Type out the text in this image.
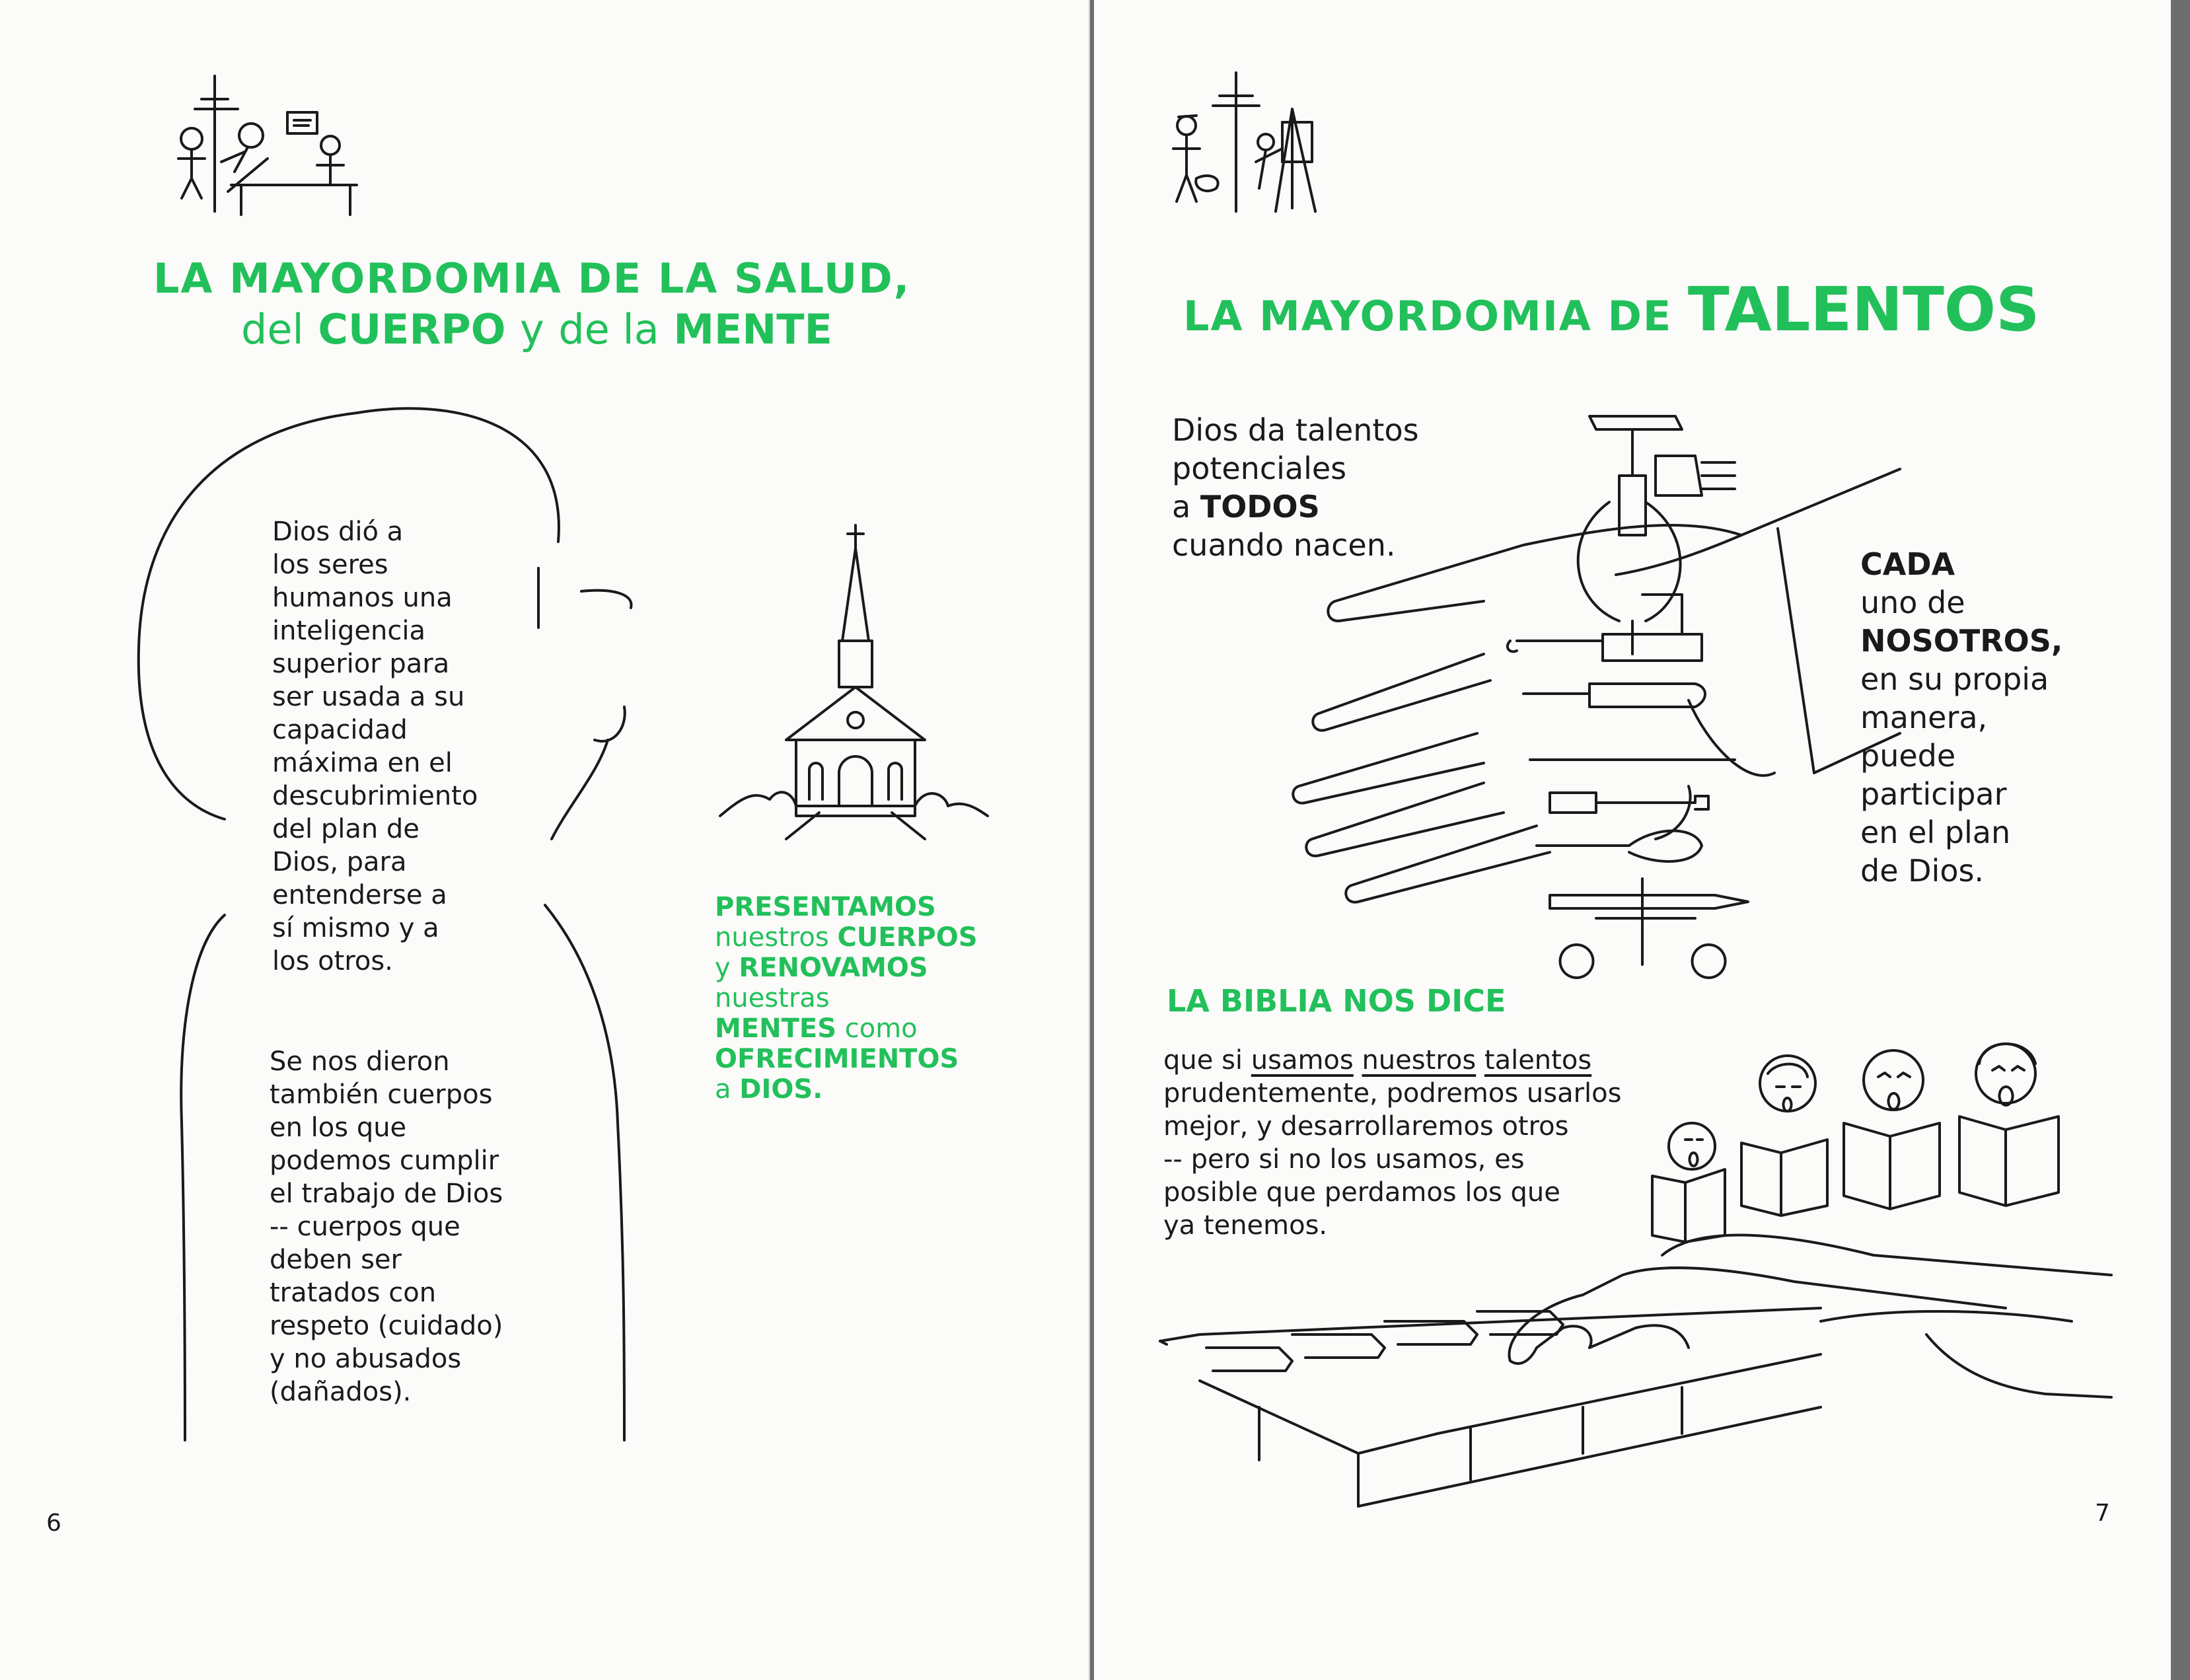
LA MAYORDOMIA DE LA SALUD,
del CUERPO y de la MENTE
Dios dió a
los seres
humanos una
inteligencia
superior para
ser usada a su
capacidad
máxima en el
descubrimiento
del plan de
Dios, para
entenderse a
sí mismo y a
los otros.
Se nos dieron
también cuerpos
en los que
podemos cumplir
el trabajo de Dios
-- cuerpos que
deben ser
tratados con
respeto (cuidado)
y no abusados
(dañados).
PRESENTAMOS
nuestros CUERPOS
y RENOVAMOS
nuestras
MENTES como
OFRECIMIENTOS
a DIOS.
6
LA MAYORDOMIA DE TALENTOS
Dios da talentos
potenciales
a TODOS
cuando nacen.
CADA
uno de
NOSOTROS,
en su propia
manera,
puede
participar
en el plan
de Dios.
LA BIBLIA NOS DICE
que si usamos nuestros talentos
prudentemente, podremos usarlos
mejor, y desarrollaremos otros
-- pero si no los usamos, es
posible que perdamos los que
ya tenemos.
7
